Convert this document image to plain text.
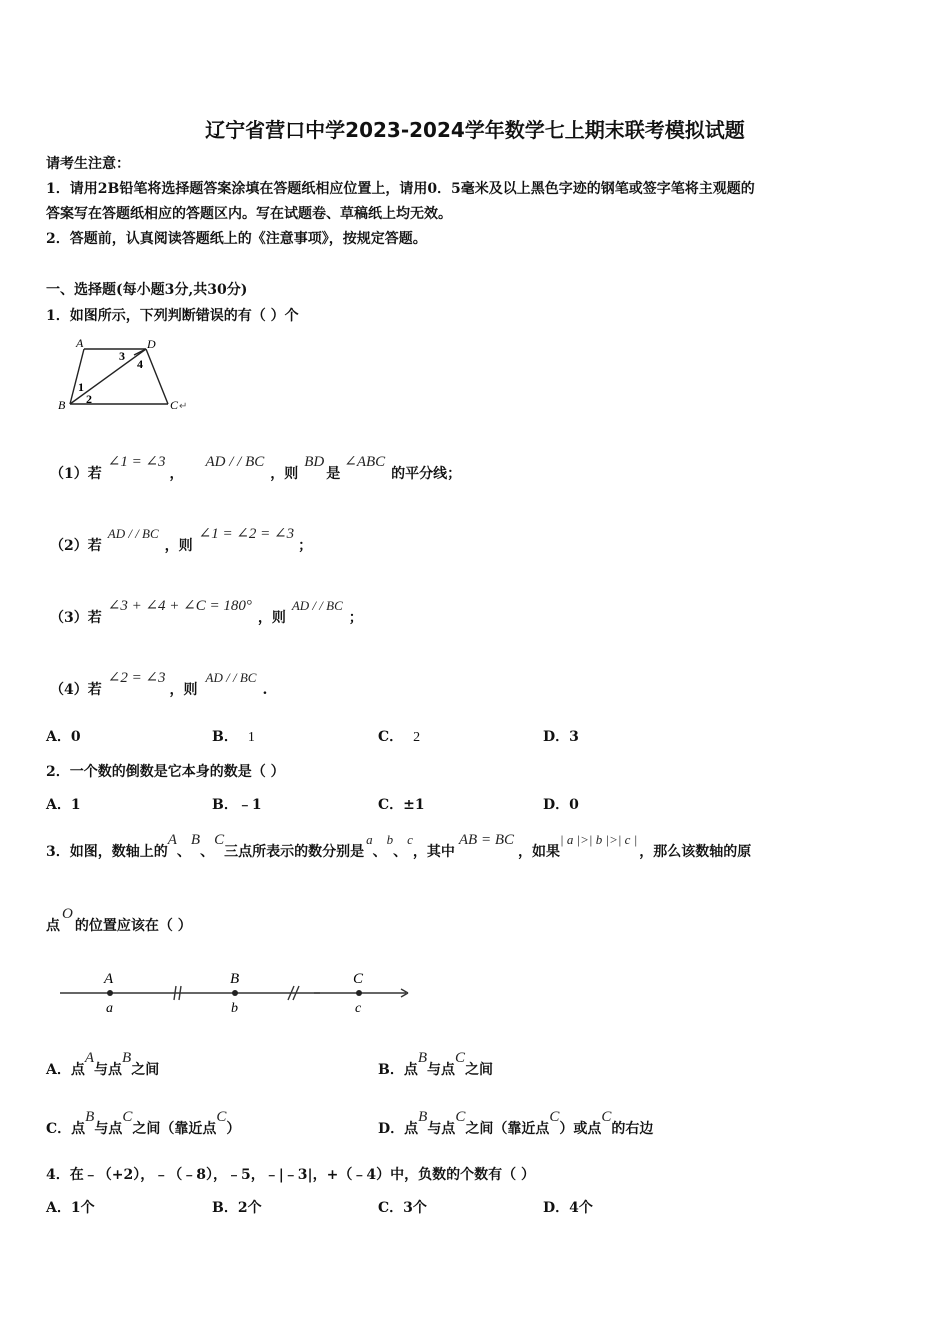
辽宁省营口中学2023-2024学年数学七上期末联考模拟试题
请考生注意：
1．请用2B铅笔将选择题答案涂填在答题纸相应位置上，请用0．5毫米及以上黑色字迹的钢笔或签字笔将主观题的
答案写在答题纸相应的答题区内。写在试题卷、草稿纸上均无效。
2．答题前，认真阅读答题纸上的《注意事项》，按规定答题。
一、选择题(每小题3分,共30分)
1．如图所示，下列判断错误的有（ ）个
A	D
B	C
1
2
3
4
↵
（1）若∠1 = ∠3，AD / / BC，则BD是∠ABC的平分线；
（2）若AD / / BC，则∠1 = ∠2 = ∠3；
（3）若∠3 + ∠4 + ∠C = 180°，则AD / / BC；
（4）若∠2 = ∠3，则AD / / BC.
A．0	B． 1	C． 2	D．3
2．一个数的倒数是它本身的数是（ ）
A．1	B．﹣1	C．±1	D．0
3．如图，数轴上的A、B、C三点所表示的数分别是a、b、c，其中AB = BC，如果| a |>| b |>| c |，那么该数轴的原
点O的位置应该在（ ）
A	B	C
a	b	c
A．点A与点B之间	B．点B与点C之间
C．点B与点C之间（靠近点C）	D．点B与点C之间（靠近点C）或点C的右边
4．在﹣（+2），﹣（﹣8），﹣5，﹣|﹣3|，+（﹣4）中，负数的个数有（ ）
A．1个	B．2个	C．3个	D．4个
